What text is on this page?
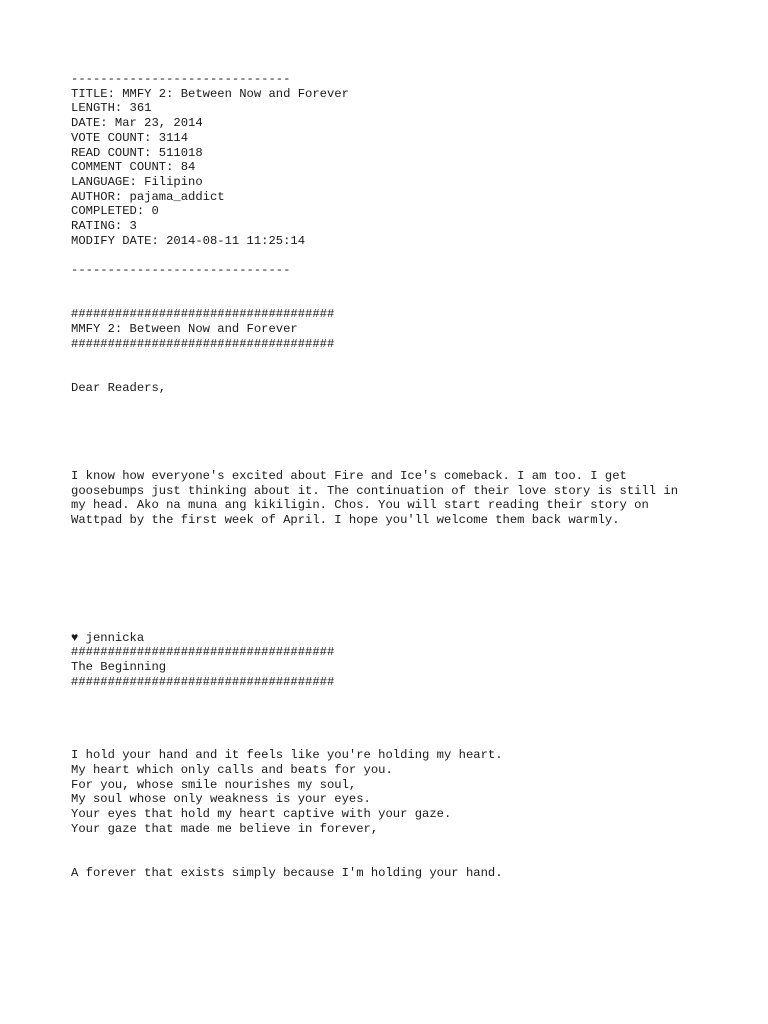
------------------------------
TITLE: MMFY 2: Between Now and Forever
LENGTH: 361
DATE: Mar 23, 2014
VOTE COUNT: 3114
READ COUNT: 511018
COMMENT COUNT: 84
LANGUAGE: Filipino
AUTHOR: pajama_addict
COMPLETED: 0
RATING: 3
MODIFY DATE: 2014-08-11 11:25:14
------------------------------
####################################
MMFY 2: Between Now and Forever
####################################
Dear Readers,
I know how everyone's excited about Fire and Ice's comeback. I am too. I get
goosebumps just thinking about it. The continuation of their love story is still in
my head. Ako na muna ang kikiligin. Chos. You will start reading their story on
Wattpad by the first week of April. I hope you'll welcome them back warmly.
♥ jennicka
####################################
The Beginning
####################################
I hold your hand and it feels like you're holding my heart.
My heart which only calls and beats for you.
For you, whose smile nourishes my soul,
My soul whose only weakness is your eyes.
Your eyes that hold my heart captive with your gaze.
Your gaze that made me believe in forever,
A forever that exists simply because I'm holding your hand.
